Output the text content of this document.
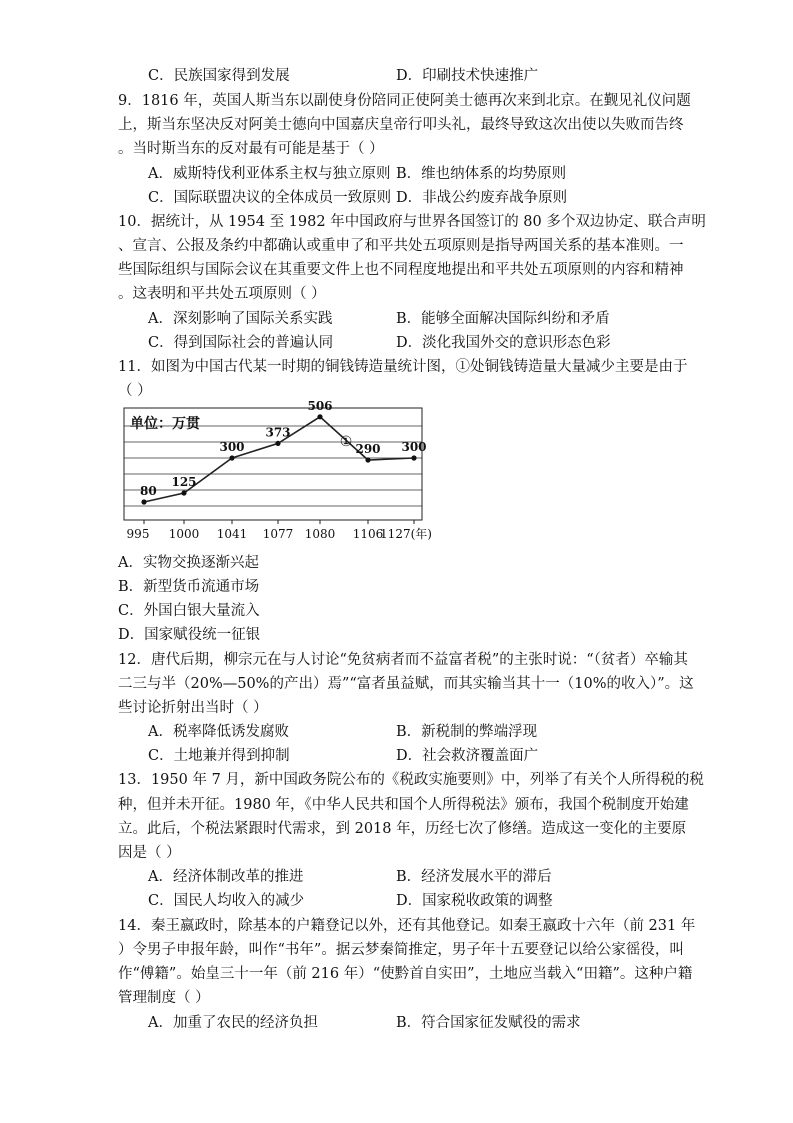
C．民族国家得到发展	D．印刷技术快速推广
9．1816 年，英国人斯当东以副使身份陪同正使阿美士德再次来到北京。在觐见礼仪问题
上，斯当东坚决反对阿美士德向中国嘉庆皇帝行叩头礼，最终导致这次出使以失败而告终
。当时斯当东的反对最有可能是基于（ ）
A．威斯特伐利亚体系主权与独立原则 B．维也纳体系的均势原则
C．国际联盟决议的全体成员一致原则 D．非战公约废弃战争原则
10．据统计，从 1954 至 1982 年中国政府与世界各国签订的 80 多个双边协定、联合声明
、宣言、公报及条约中都确认或重申了和平共处五项原则是指导两国关系的基本准则。一
些国际组织与国际会议在其重要文件上也不同程度地提出和平共处五项原则的内容和精神
。这表明和平共处五项原则（ ）
A．深刻影响了国际关系实践	B．能够全面解决国际纠纷和矛盾
C．得到国际社会的普遍认同	D．淡化我国外交的意识形态色彩
11．如图为中国古代某一时期的铜钱铸造量统计图，①处铜钱铸造量大量减少主要是由于
（ ）
单位：万贯
80
125
300
373
506
290 300
995 1000 1041 1077 1080 1106
1127(年)
①
A．实物交换逐渐兴起
B．新型货币流通市场
C．外国白银大量流入
D．国家赋役统一征银
12．唐代后期，柳宗元在与人讨论“免贫病者而不益富者税”的主张时说：“（贫者）卒输其
二三与半（20%—50%的产出）焉”“富者虽益赋，而其实输当其十一（10%的收入）”。这
些讨论折射出当时（ ）
A．税率降低诱发腐败	B．新税制的弊端浮现
C．土地兼并得到抑制	D．社会救济覆盖面广
13．1950 年 7 月，新中国政务院公布的《税政实施要则》中，列举了有关个人所得税的税
种，但并未开征。1980 年，《中华人民共和国个人所得税法》颁布，我国个税制度开始建
立。此后，个税法紧跟时代需求，到 2018 年，历经七次了修缮。造成这一变化的主要原
因是（ ）
A．经济体制改革的推进	B．经济发展水平的滞后
C．国民人均收入的减少	D．国家税收政策的调整
14．秦王嬴政时，除基本的户籍登记以外，还有其他登记。如秦王嬴政十六年（前 231 年
）令男子申报年龄，叫作“书年”。据云梦秦简推定，男子年十五要登记以给公家徭役，叫
作“傅籍”。始皇三十一年（前 216 年）“使黔首自实田”，土地应当载入“田籍”。这种户籍
管理制度（ ）
A．加重了农民的经济负担	B．符合国家征发赋役的需求
